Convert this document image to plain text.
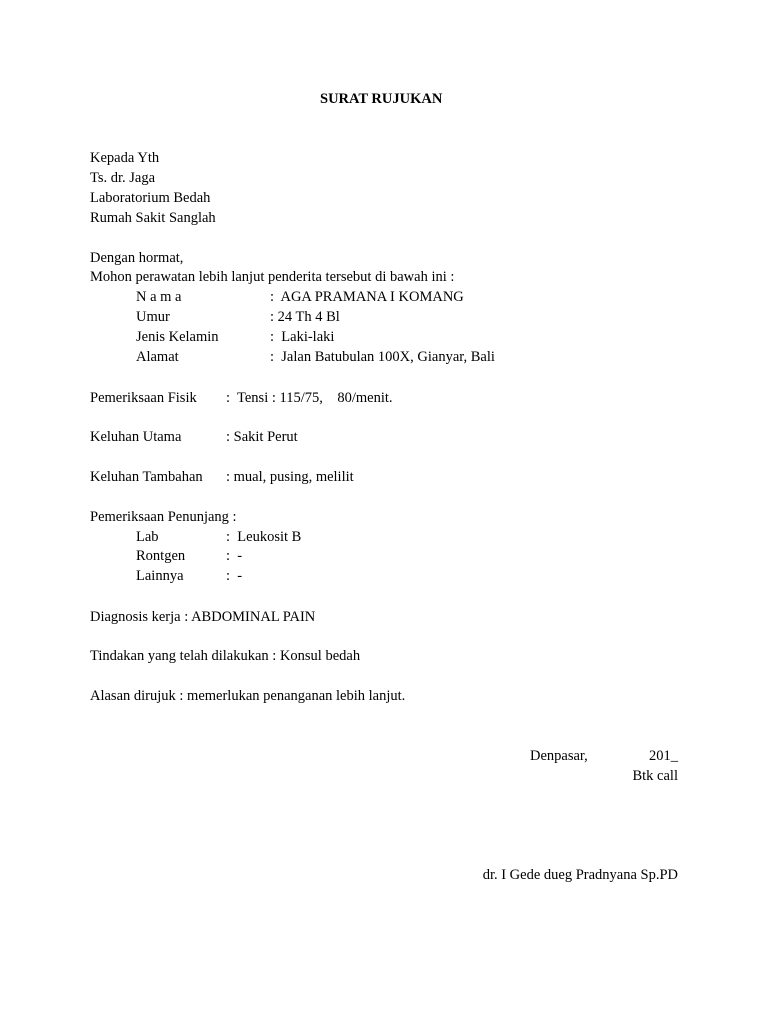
SURAT RUJUKAN
Kepada Yth
Ts. dr. Jaga
Laboratorium Bedah
Rumah Sakit Sanglah
Dengan hormat,
Mohon perawatan lebih lanjut penderita tersebut di bawah ini :
N a m a	:  AGA PRAMANA I KOMANG
Umur	: 24 Th 4 Bl
Jenis Kelamin	:  Laki-laki
Alamat	:  Jalan Batubulan 100X, Gianyar, Bali
Pemeriksaan Fisik :  Tensi : 115/75,    80/menit.
Keluhan Utama	: Sakit Perut
Keluhan Tambahan : mual, pusing, melilit
Pemeriksaan Penunjang :
Lab	:  Leukosit B
Rontgen	:  -
Lainnya	:  -
Diagnosis kerja : ABDOMINAL PAIN
Tindakan yang telah dilakukan : Konsul bedah
Alasan dirujuk : memerlukan penanganan lebih lanjut.
Denpasar,	201_
Btk call
dr. I Gede dueg Pradnyana Sp.PD
